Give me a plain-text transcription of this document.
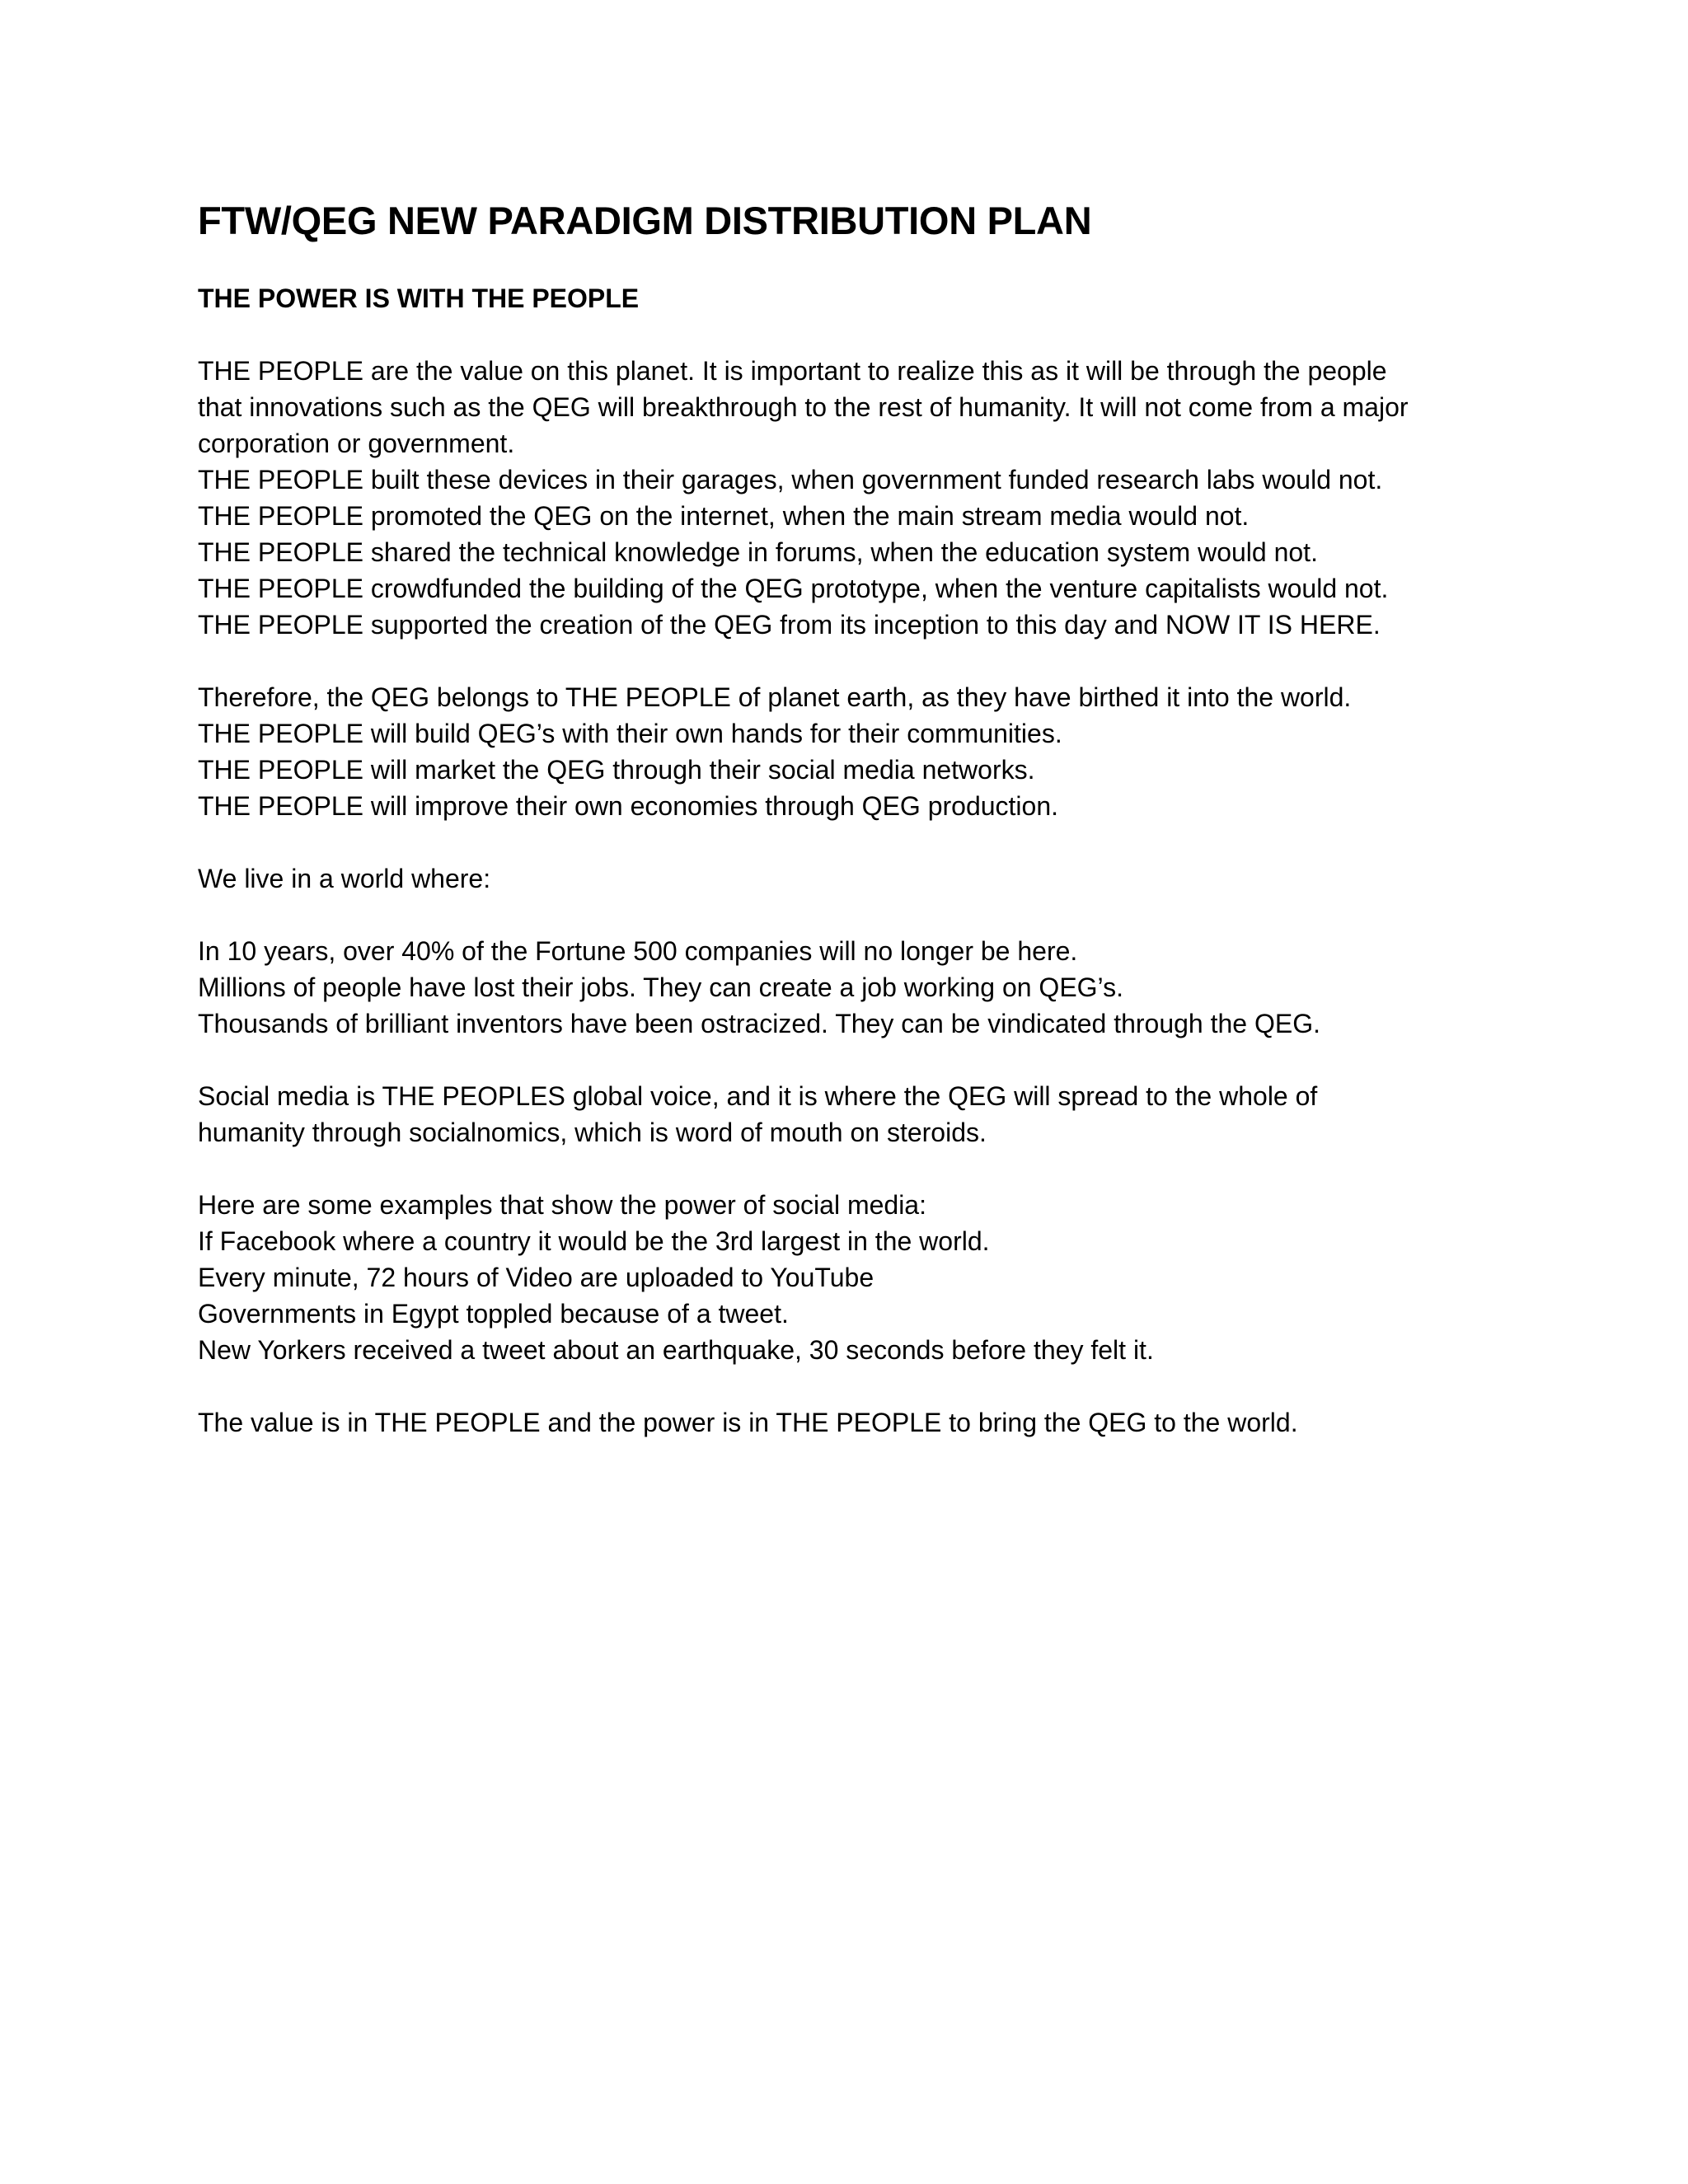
FTW/QEG NEW PARADIGM DISTRIBUTION PLAN
THE POWER IS WITH THE PEOPLE
THE PEOPLE are the value on this planet. It is important to realize this as it will be through the people
that innovations such as the QEG will breakthrough to the rest of humanity. It will not come from a major
corporation or government.
THE PEOPLE built these devices in their garages, when government funded research labs would not.
THE PEOPLE promoted the QEG on the internet, when the main stream media would not.
THE PEOPLE shared the technical knowledge in forums, when the education system would not.
THE PEOPLE crowdfunded the building of the QEG prototype, when the venture capitalists would not.
THE PEOPLE supported the creation of the QEG from its inception to this day and NOW IT IS HERE.
Therefore, the QEG belongs to THE PEOPLE of planet earth, as they have birthed it into the world.
THE PEOPLE will build QEG’s with their own hands for their communities.
THE PEOPLE will market the QEG through their social media networks.
THE PEOPLE will improve their own economies through QEG production.
We live in a world where:
In 10 years, over 40% of the Fortune 500 companies will no longer be here.
Millions of people have lost their jobs. They can create a job working on QEG’s.
Thousands of brilliant inventors have been ostracized. They can be vindicated through the QEG.
Social media is THE PEOPLES global voice, and it is where the QEG will spread to the whole of
humanity through socialnomics, which is word of mouth on steroids.
Here are some examples that show the power of social media:
If Facebook where a country it would be the 3rd largest in the world.
Every minute, 72 hours of Video are uploaded to YouTube
Governments in Egypt toppled because of a tweet.
New Yorkers received a tweet about an earthquake, 30 seconds before they felt it.
The value is in THE PEOPLE and the power is in THE PEOPLE to bring the QEG to the world.
